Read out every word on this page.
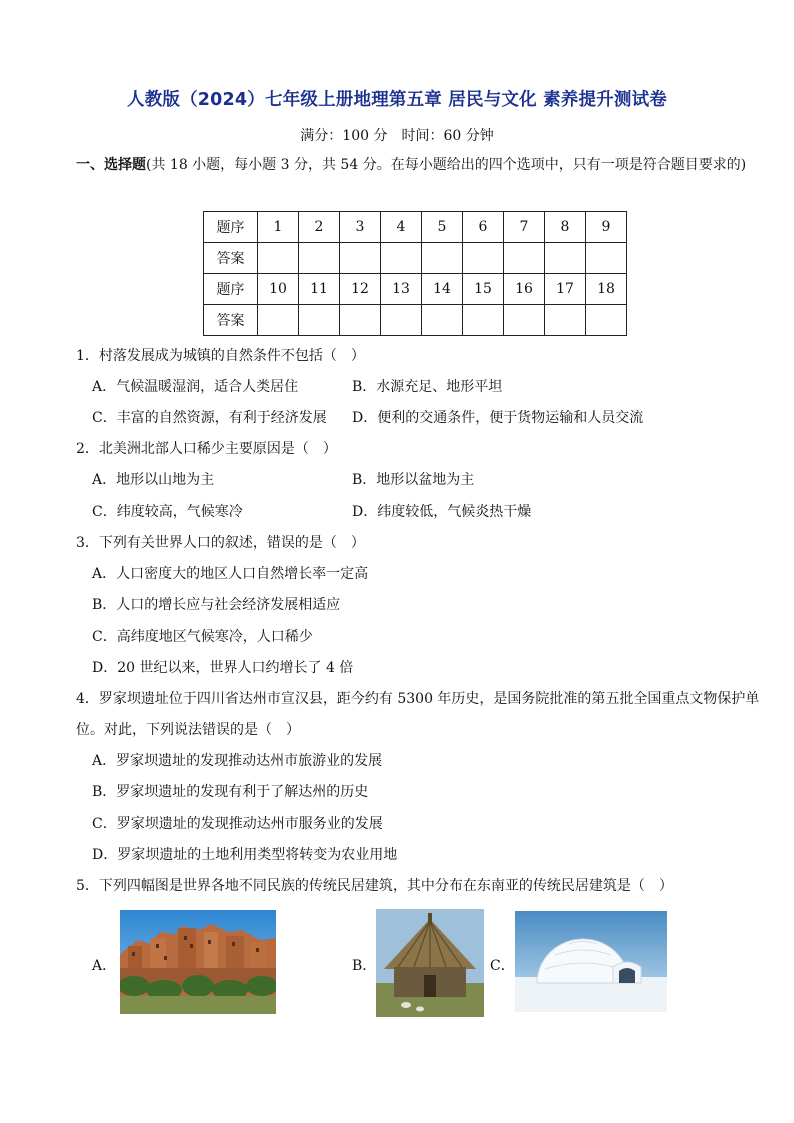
人教版（2024）七年级上册地理第五章 居民与文化 素养提升测试卷
满分：100 分　时间：60 分钟
一、选择题(共 18 小题，每小题 3 分，共 54 分。在每小题给出的四个选项中，只有一项是符合题目要求的)
题序	1	2	3	4	5	6	7	8	9
答案									
题序	10	11	12	13	14	15	16	17	18
答案									
1．村落发展成为城镇的自然条件不包括（　）
A．气候温暖湿润，适合人类居住	B．水源充足、地形平坦
C．丰富的自然资源，有利于经济发展 D．便利的交通条件，便于货物运输和人员交流
2．北美洲北部人口稀少主要原因是（　）
A．地形以山地为主	B．地形以盆地为主
C．纬度较高，气候寒冷	D．纬度较低，气候炎热干燥
3．下列有关世界人口的叙述，错误的是（　）
A．人口密度大的地区人口自然增长率一定高
B．人口的增长应与社会经济发展相适应
C．高纬度地区气候寒冷，人口稀少
D．20 世纪以来，世界人口约增长了 4 倍
4．罗家坝遗址位于四川省达州市宣汉县，距今约有 5300 年历史，是国务院批准的第五批全国重点文物保护单
位。对此，下列说法错误的是（　）
A．罗家坝遗址的发现推动达州市旅游业的发展
B．罗家坝遗址的发现有利于了解达州的历史
C．罗家坝遗址的发现推动达州市服务业的发展
D．罗家坝遗址的土地利用类型将转变为农业用地
5．下列四幅图是世界各地不同民族的传统民居建筑，其中分布在东南亚的传统民居建筑是（　）
A．	B．	C．
